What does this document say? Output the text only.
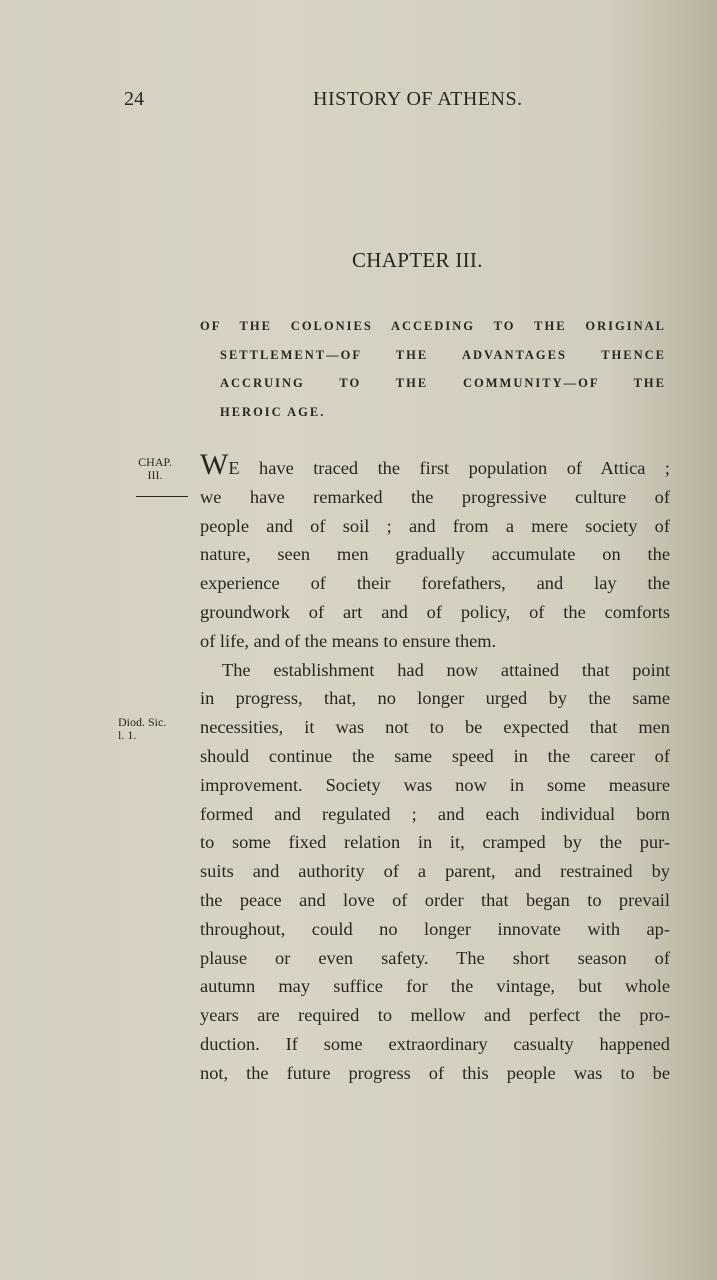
24	HISTORY OF ATHENS.
CHAPTER III.
OF THE COLONIES ACCEDING TO THE ORIGINAL
SETTLEMENT—OF THE ADVANTAGES THENCE
ACCRUING TO THE COMMUNITY—OF THE
HEROIC AGE.
CHAP.
III.
Diod. Sic.
l. 1.
WE have traced the first population of Attica ;
we have remarked the progressive culture of
people and of soil ; and from a mere society of
nature, seen men gradually accumulate on the
experience of their forefathers, and lay the
groundwork of art and of policy, of the comforts
of life, and of the means to ensure them.
The establishment had now attained that point
in progress, that, no longer urged by the same
necessities, it was not to be expected that men
should continue the same speed in the career of
improvement. Society was now in some measure
formed and regulated ; and each individual born
to some fixed relation in it, cramped by the pur-
suits and authority of a parent, and restrained by
the peace and love of order that began to prevail
throughout, could no longer innovate with ap-
plause or even safety. The short season of
autumn may suffice for the vintage, but whole
years are required to mellow and perfect the pro-
duction. If some extraordinary casualty happened
not, the future progress of this people was to be
